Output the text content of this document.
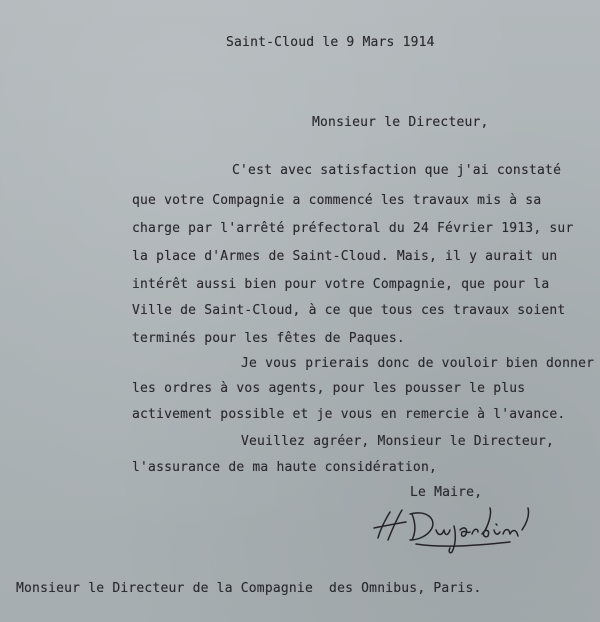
Saint-Cloud le 9 Mars 1914
Monsieur le Directeur,
C'est avec satisfaction que j'ai constaté
que votre Compagnie a commencé les travaux mis à sa
charge par l'arrêté préfectoral du 24 Février 1913, sur
la place d'Armes de Saint-Cloud. Mais, il y aurait un
intérêt aussi bien pour votre Compagnie, que pour la
Ville de Saint-Cloud, à ce que tous ces travaux soient
terminés pour les fêtes de Paques.
Je vous prierais donc de vouloir bien donner
les ordres à vos agents, pour les pousser le plus
activement possible et je vous en remercie à l'avance.
Veuillez agréer, Monsieur le Directeur,
l'assurance de ma haute considération,
Le Maire,
Monsieur le Directeur de la Compagnie  des Omnibus, Paris.
